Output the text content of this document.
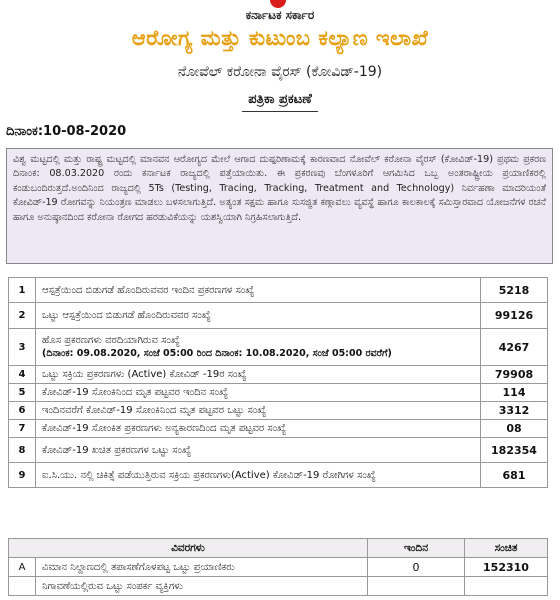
ಕರ್ನಾಟಕ ಸರ್ಕಾರ
ಆರೋಗ್ಯ ಮತ್ತು ಕುಟುಂಬ ಕಲ್ಯಾಣ ಇಲಾಖೆ
ನೋವೆಲ್ ಕರೋನಾ ವೈರಸ್ (ಕೋವಿಡ್-19)
ಪತ್ರಿಕಾ ಪ್ರಕಟಣೆ
ದಿನಾಂಕ:10-08-2020
ವಿಶ್ವ ಮಟ್ಟದಲ್ಲಿ ಮತ್ತು ರಾಷ್ಟ್ರ ಮಟ್ಟದಲ್ಲಿ ಮಾನವನ ಆರೋಗ್ಯದ ಮೇಲೆ ಆಗಾದ ದುಷ್ಪರಿಣಾಮಕ್ಕೆ ಕಾರಣವಾದ ನೋವೆಲ್ ಕರೋನಾ ವೈರಸ್ (ಕೋವಿಡ್-19) ಪ್ರಥಮ ಪ್ರಕರಣ ದಿನಾಂಕ: 08.03.2020 ರಂದು ಕರ್ನಾಟಕ ರಾಜ್ಯದಲ್ಲಿ ಪತ್ತೆಯಾಯಿತು. ಈ ಪ್ರಕರಣವು ಬೆಂಗಳೂರಿಗೆ ಆಗಮಿಸಿದ ಒಬ್ಬ ಅಂತರಾಷ್ಟ್ರೀಯ ಪ್ರಯಾಣಿಕರಲ್ಲಿ ಕಂಡುಬಂದಿರುತ್ತದೆ.ಅಂದಿನಿಂದ ರಾಜ್ಯದಲ್ಲಿ 5Ts (Testing, Tracing, Tracking, Treatment and Technology) ನಿರ್ವಹಣಾ ಮಾದರಿಯಂತೆ ಕೋವಿಡ್-19 ರೋಗವನ್ನು ನಿಯಂತ್ರಣ ಮಾಡಲು ಬಳಸಲಾಗುತ್ತಿದೆ. ಅತ್ಯಂತ ಸಕ್ಷಮ ಹಾಗೂ ಸುಸಜ್ಜಿತ ಕಣ್ಗಾವಲು ವ್ಯವಸ್ಥೆ ಹಾಗೂ ಕಾಲಕಾಲಕ್ಕೆ ಸಮಿಸ್ತಾರವಾದ ಯೋಜನೆಗಳ ರಚನೆ ಹಾಗೂ ಅನುಷ್ಠಾನದಿಂದ ಕರೋನಾ ರೋಗದ ಹರಡುವಿಕೆಯನ್ನು ಯಶಸ್ವಿಯಾಗಿ ನಿಗ್ರಹಿಸಲಾಗುತ್ತಿದೆ.
1	ಆಸ್ಪತ್ರೆಯಿಂದ ಬಿಡುಗಡೆ ಹೊಂದಿರುವವರ ಇಂದಿನ ಪ್ರಕರಣಗಳ ಸಂಖ್ಯೆ	5218
2	ಒಟ್ಟು ಆಸ್ಪತ್ರೆಯಿಂದ ಬಿಡುಗಡೆ ಹೊಂದಿರುವವರ ಸಂಖ್ಯೆ	99126
3	ಹೊಸ ಪ್ರಕರಣಗಳು ವರದಿಯಾಗಿರುವ ಸಂಖ್ಯೆ
(ದಿನಾಂಕ: 09.08.2020, ಸಂಜೆ 05:00 ರಿಂದ ದಿನಾಂಕ: 10.08.2020, ಸಂಜೆ 05:00 ರವರೆಗೆ)	4267
4	ಒಟ್ಟು ಸಕ್ರಿಯ ಪ್ರಕರಣಗಳು (Active) ಕೋವಿಡ್ -19ರ ಸಂಖ್ಯೆ	79908
5	ಕೋವಿಡ್-19 ಸೋಂಕಿನಿಂದ ಮೃತ ಪಟ್ಟವರ ಇಂದಿನ ಸಂಖ್ಯೆ	114
6	ಇಂದಿನವರೆಗೆ ಕೋವಿಡ್-19 ಸೋಂಕಿನಿಂದ ಮೃತ ಪಟ್ಟವರ ಒಟ್ಟು ಸಂಖ್ಯೆ	3312
7	ಕೋವಿಡ್-19 ಸೋಂಕಿತ ಪ್ರಕರಣಗಳು ಅನ್ಯಕಾರಣದಿಂದ ಮೃತ ಪಟ್ಟವರ ಸಂಖ್ಯೆ	08
8	ಕೋವಿಡ್-19 ಖಚಿತ ಪ್ರಕರಣಗಳ ಒಟ್ಟು ಸಂಖ್ಯೆ	182354
9	ಐ.ಸಿ.ಯು. ನಲ್ಲಿ ಚಿಕಿತ್ಸೆ ಪಡೆಯುತ್ತಿರುವ ಸಕ್ರಿಯ ಪ್ರಕರಣಗಳು(Active) ಕೋವಿಡ್-19 ರೋಗಿಗಳ ಸಂಖ್ಯೆ	681
ವಿವರಗಳು		ಇಂದಿನ	ಸಂಚಿತ
A	ವಿಮಾನ ನಿಲ್ದಾಣದಲ್ಲಿ ತಪಾಸಣೆಗೊಳಪಟ್ಟ ಒಟ್ಟು ಪ್ರಯಾಣಿಕರು	0	152310
	ನಿಗಾವಣೆಯಲ್ಲಿರುವ ಒಟ್ಟು ಸಂಪರ್ಕ ವ್ಯಕ್ತಿಗಳು		
